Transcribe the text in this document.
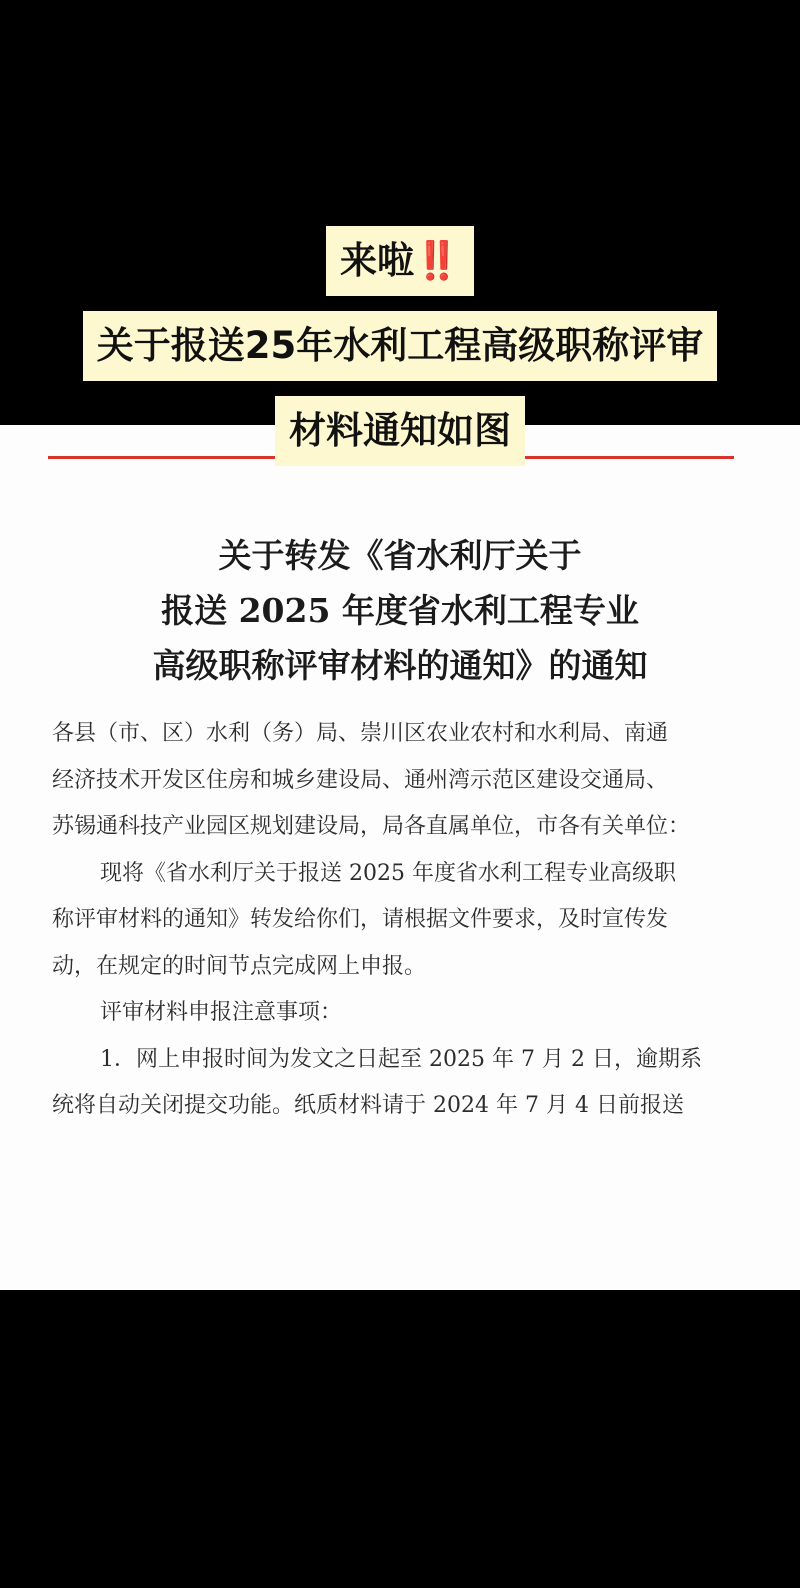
关于转发《省水利厅关于
报送 2025 年度省水利工程专业
高级职称评审材料的通知》的通知
各县（市、区）水利（务）局、崇川区农业农村和水利局、南通
经济技术开发区住房和城乡建设局、通州湾示范区建设交通局、
苏锡通科技产业园区规划建设局，局各直属单位，市各有关单位：
现将《省水利厅关于报送 2025 年度省水利工程专业高级职
称评审材料的通知》转发给你们，请根据文件要求，及时宣传发
动，在规定的时间节点完成网上申报。
评审材料申报注意事项：
1．网上申报时间为发文之日起至 2025 年 7 月 2 日，逾期系
统将自动关闭提交功能。纸质材料请于 2024 年 7 月 4 日前报送
来啦‼️
关于报送25年水利工程高级职称评审
材料通知如图
